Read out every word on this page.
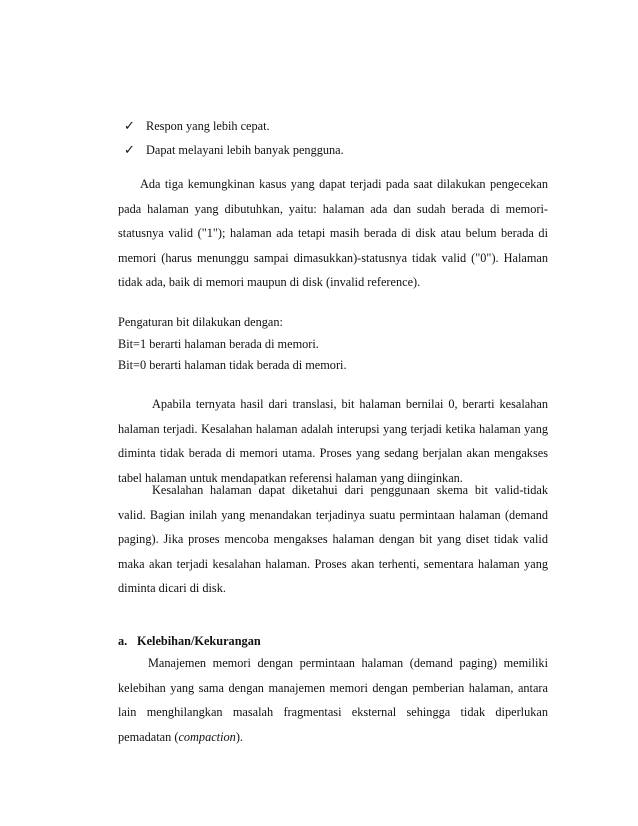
✓ Respon yang lebih cepat.
✓ Dapat melayani lebih banyak pengguna.

Ada tiga kemungkinan kasus yang dapat terjadi pada saat dilakukan pengecekan pada halaman yang dibutuhkan, yaitu: halaman ada dan sudah berada di memori-statusnya valid ("1"); halaman ada tetapi masih berada di disk atau belum berada di memori (harus menunggu sampai dimasukkan)-statusnya tidak valid ("0"). Halaman tidak ada, baik di memori maupun di disk (invalid reference).

Pengaturan bit dilakukan dengan:
Bit=1 berarti halaman berada di memori.
Bit=0 berarti halaman tidak berada di memori.

Apabila ternyata hasil dari translasi, bit halaman bernilai 0, berarti kesalahan halaman terjadi. Kesalahan halaman adalah interupsi yang terjadi ketika halaman yang diminta tidak berada di memori utama. Proses yang sedang berjalan akan mengakses tabel halaman untuk mendapatkan referensi halaman yang diinginkan.

Kesalahan halaman dapat diketahui dari penggunaan skema bit valid-tidak valid. Bagian inilah yang menandakan terjadinya suatu permintaan halaman (demand paging). Jika proses mencoba mengakses halaman dengan bit yang diset tidak valid maka akan terjadi kesalahan halaman. Proses akan terhenti, sementara halaman yang diminta dicari di disk.

a. Kelebihan/Kekurangan

Manajemen memori dengan permintaan halaman (demand paging) memiliki kelebihan yang sama dengan manajemen memori dengan pemberian halaman, antara lain menghilangkan masalah fragmentasi eksternal sehingga tidak diperlukan pemadatan (compaction).
